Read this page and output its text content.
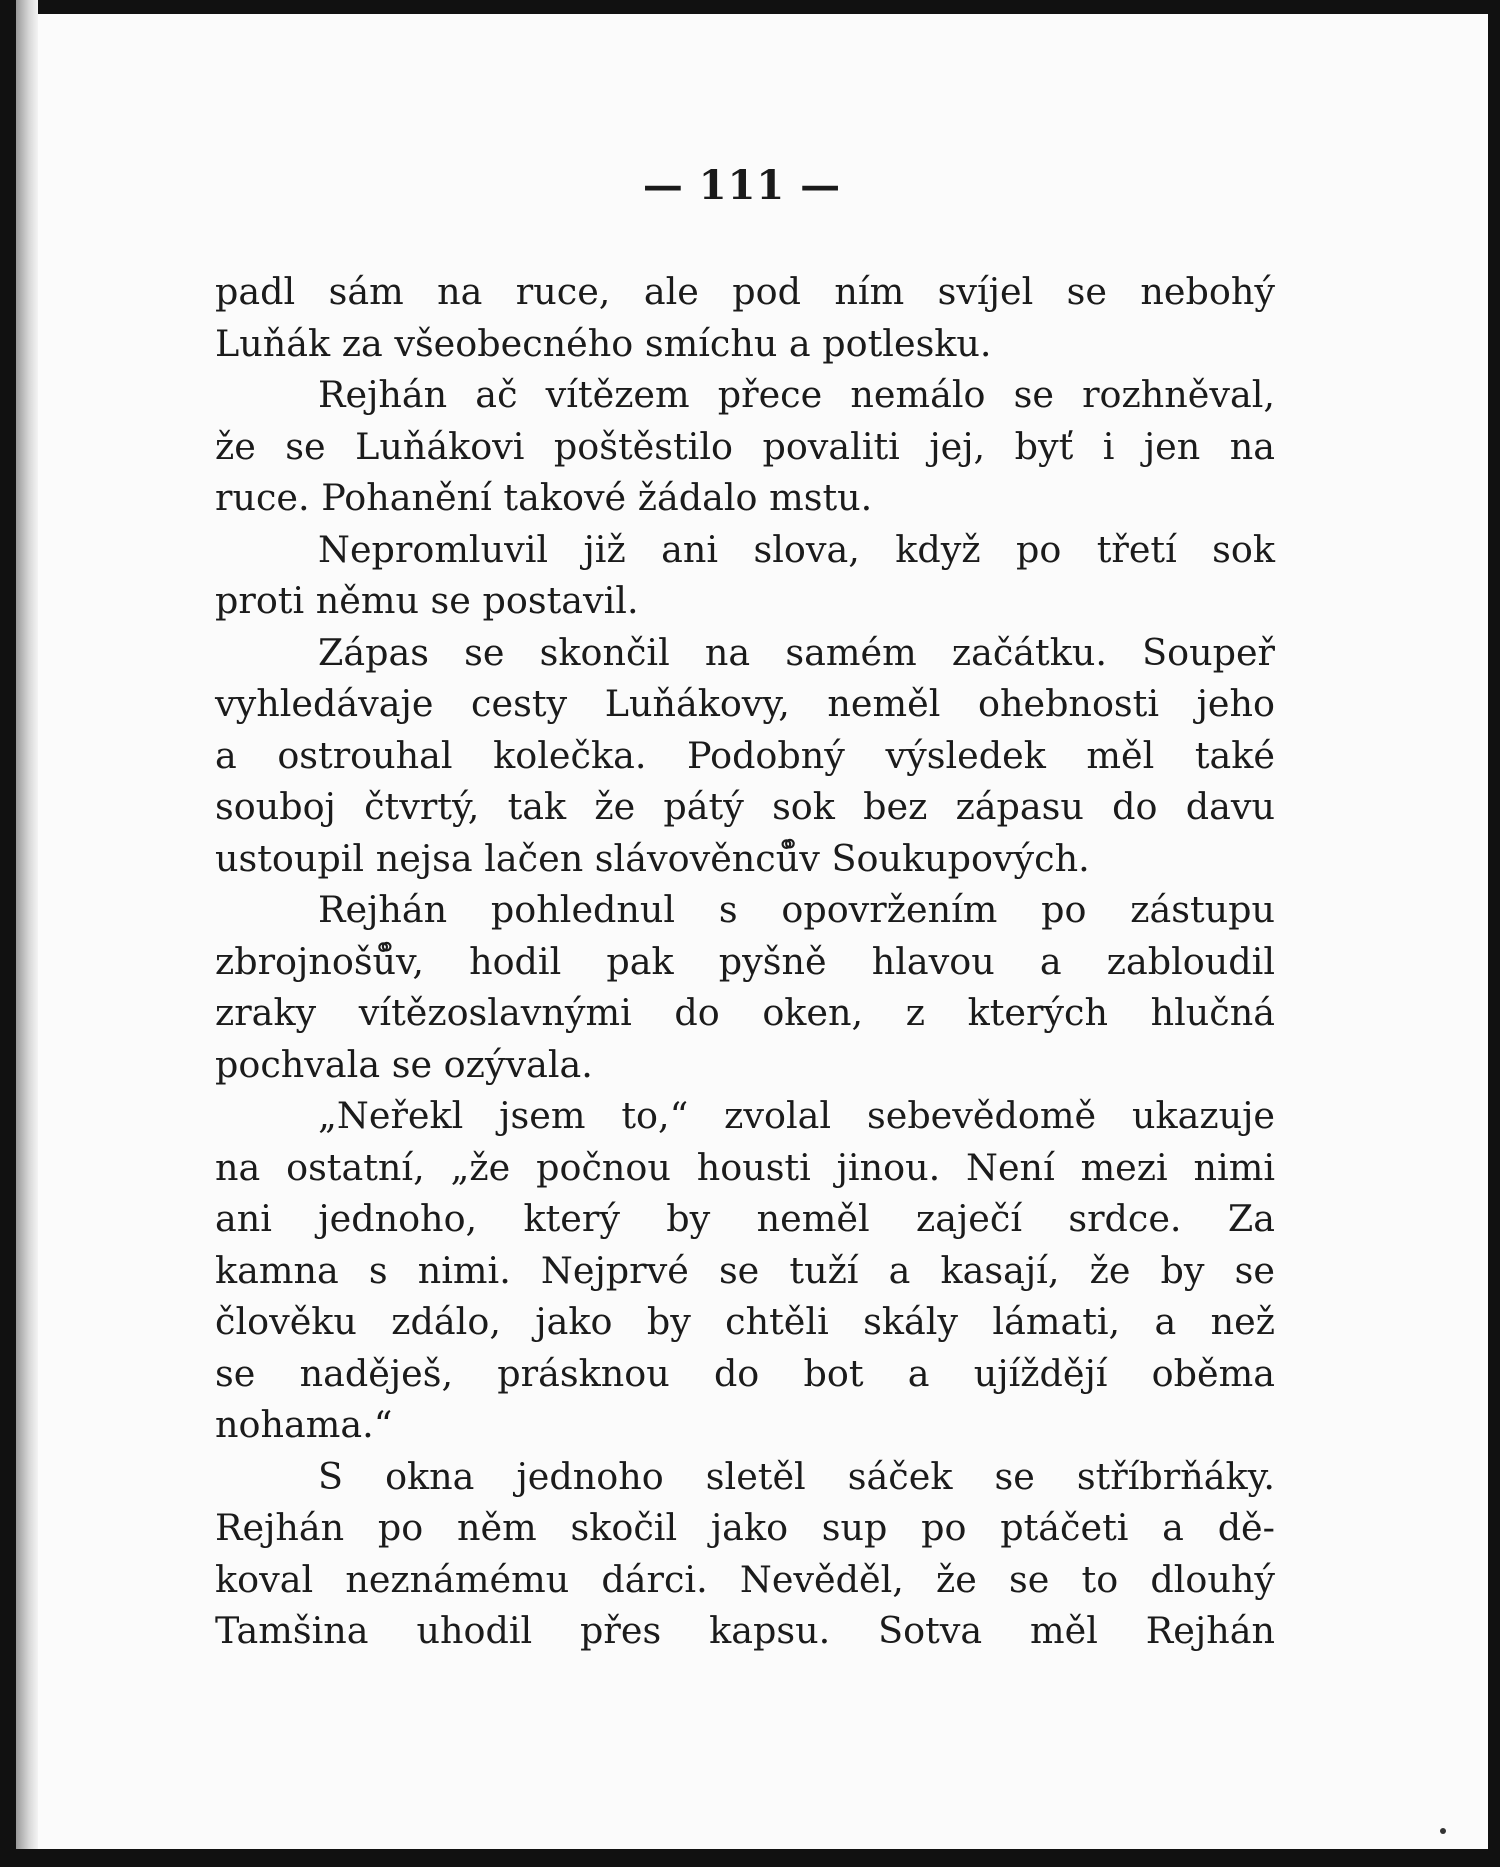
— 111 —
padl sám na ruce, ale pod ním svíjel se nebohý
Luňák za všeobecného smíchu a potlesku.
Rejhán ač vítězem přece nemálo se rozhněval,
že se Luňákovi poštěstilo povaliti jej, byť i jen na
ruce. Pohanění takové žádalo mstu.
Nepromluvil již ani slova, když po třetí sok
proti němu se postavil.
Zápas se skončil na samém začátku. Soupeř
vyhledávaje cesty Luňákovy, neměl ohebnosti jeho
a ostrouhal kolečka. Podobný výsledek měl také
souboj čtvrtý, tak že pátý sok bez zápasu do davu
ustoupil nejsa lačen slávověnců̊v Soukupových.
Rejhán pohlednul s opovržením po zástupu
zbrojnošů̊v, hodil pak pyšně hlavou a zabloudil
zraky vítězoslavnými do oken, z kterých hlučná
pochvala se ozývala.
„Neřekl jsem to,“ zvolal sebevědomě ukazuje
na ostatní, „že počnou housti jinou. Není mezi nimi
ani jednoho, který by neměl zaječí srdce. Za
kamna s nimi. Nejprvé se tuží a kasají, že by se
člověku zdálo, jako by chtěli skály lámati, a než
se naděješ, prásknou do bot a ujíždějí oběma
nohama.“
S okna jednoho sletěl sáček se stříbrňáky.
Rejhán po něm skočil jako sup po ptáčeti a dě-
koval neznámému dárci. Nevěděl, že se to dlouhý
Tamšina uhodil přes kapsu. Sotva měl Rejhán
